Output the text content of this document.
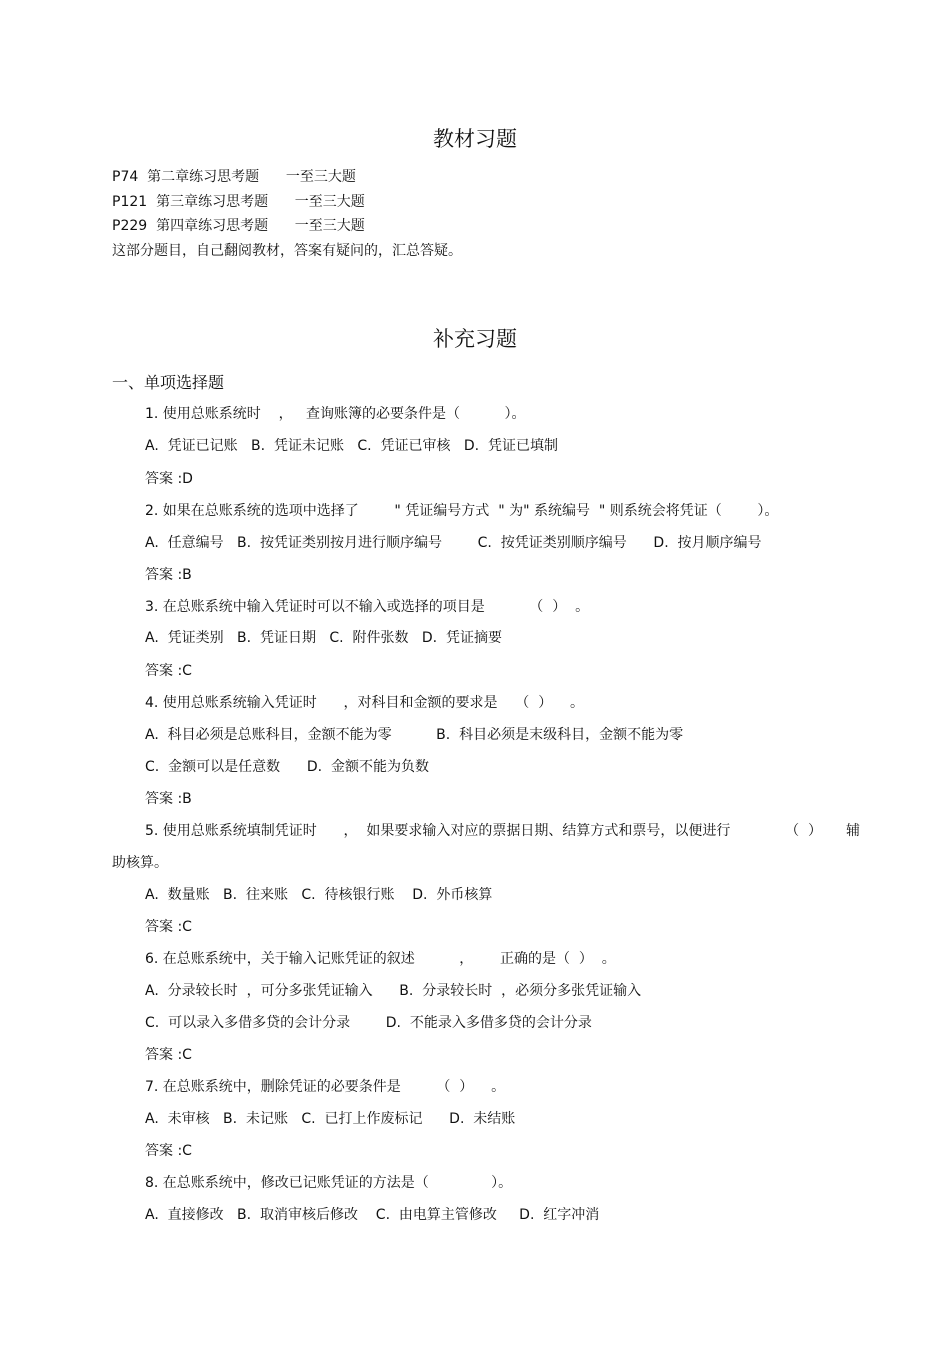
教材习题

P74  第二章练习思考题      一至三大题

P121  第三章练习思考题      一至三大题

P229  第四章练习思考题      一至三大题

这部分题目，自己翻阅教材，答案有疑问的，汇总答疑。

补充习题
一、单项选择题

1. 使用总账系统时    ，   查询账簿的必要条件是（          ）。

A.  凭证已记账   B.  凭证未记账   C.  凭证已审核   D.  凭证已填制

答案 :D

2. 如果在总账系统的选项中选择了        " 凭证编号方式  " 为" 系统编号  " 则系统会将凭证（        ）。

A.  任意编号   B.  按凭证类别按月进行顺序编号        C.  按凭证类别顺序编号      D.  按月顺序编号

答案 :B

3. 在总账系统中输入凭证时可以不输入或选择的项目是          （  ）  。

A.  凭证类别   B.  凭证日期   C.  附件张数   D.  凭证摘要

答案 :C

4. 使用总账系统输入凭证时      ，对科目和金额的要求是    （  ）    。

A.  科目必须是总账科目，金额不能为零          B.  科目必须是末级科目，金额不能为零

C.  金额可以是任意数      D.  金额不能为负数

答案 :B

5. 使用总账系统填制凭证时      ，  如果要求输入对应的票据日期、结算方式和票号，以便进行	（  ） 辅

助核算。

A.  数量账   B.  往来账   C.  待核银行账    D.  外币核算

答案 :C

6. 在总账系统中，关于输入记账凭证的叙述          ，      正确的是（  ）  。

A.  分录较长时  ，可分多张凭证输入      B.  分录较长时  ，必须分多张凭证输入

C.  可以录入多借多贷的会计分录        D.  不能录入多借多贷的会计分录

答案 :C

7. 在总账系统中，删除凭证的必要条件是        （  ）    。

A.  未审核   B.  未记账   C.  已打上作废标记      D.  未结账

答案 :C

8. 在总账系统中，修改已记账凭证的方法是（              ）。

A.  直接修改   B.  取消审核后修改    C.  由电算主管修改     D.  红字冲消
